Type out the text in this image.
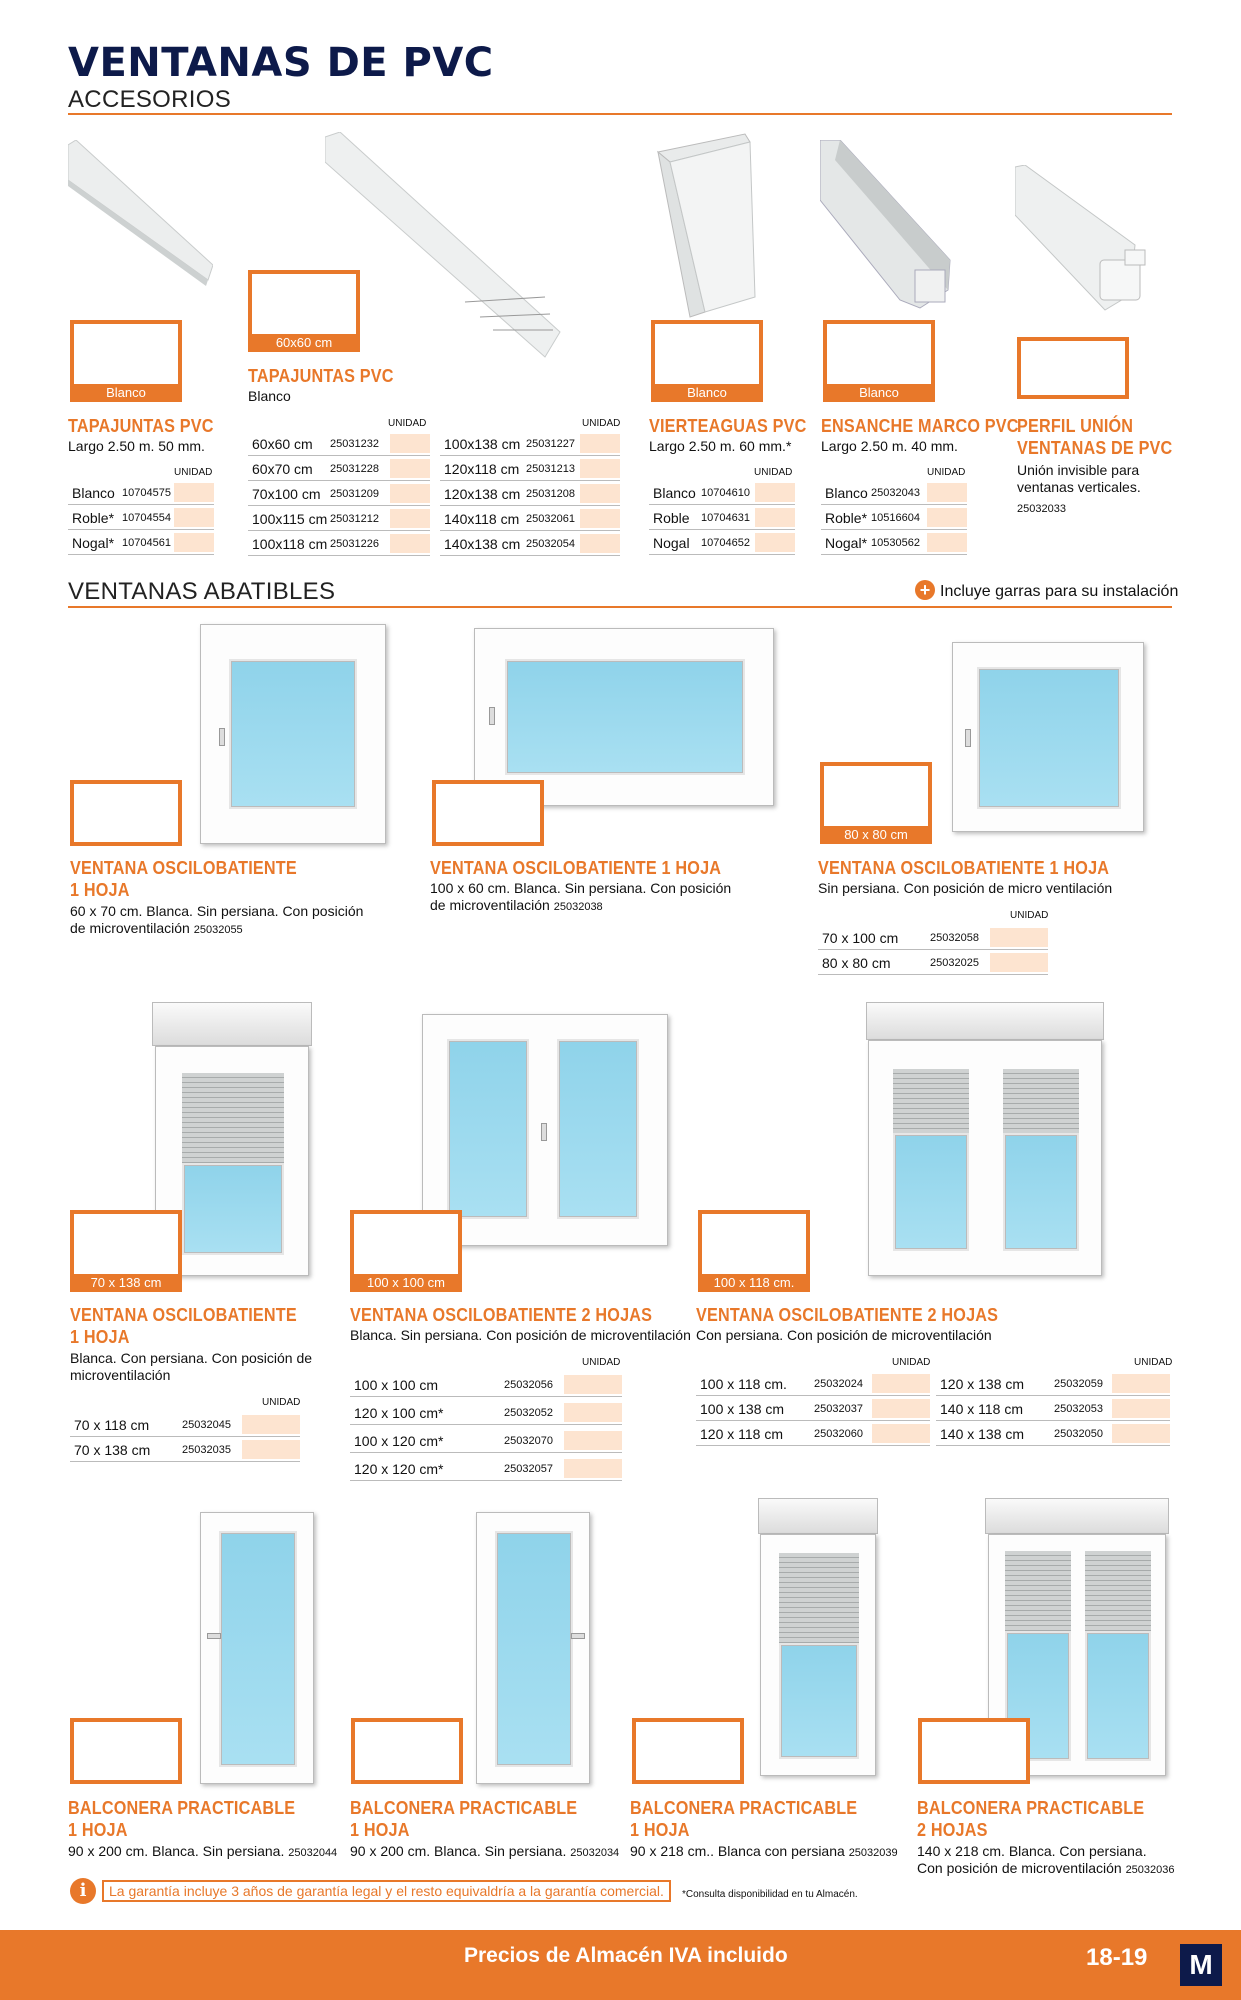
VENTANAS DE PVC
ACCESORIOS
Blanco
60x60 cm
Blanco	Blanco
TAPAJUNTAS PVC
Largo 2.50 m. 50 mm.
UNIDAD
Blanco 10704575
Roble* 10704554
Nogal* 10704561
TAPAJUNTAS PVC
Blanco
UNIDAD	UNIDAD
60x60 cm 25031232
60x70 cm 25031228
70x100 cm 25031209
100x115 cm 25031212
100x118 cm 25031226
100x138 cm 25031227
120x118 cm 25031213
120x138 cm 25031208
140x118 cm 25032061
140x138 cm 25032054
VIERTEAGUAS PVC
Largo 2.50 m. 60 mm.*
UNIDAD
Blanco 10704610
Roble 10704631
Nogal 10704652
ENSANCHE MARCO PVC
Largo 2.50 m. 40 mm.
UNIDAD
Blanco 25032043
Roble* 10516604
Nogal* 10530562
PERFIL UNIÓN
VENTANAS DE PVC
Unión invisible para
ventanas verticales.
25032033
VENTANAS ABATIBLES	+ Incluye garras para su instalación
VENTANA OSCILOBATIENTE
1 HOJA
60 x 70 cm. Blanca. Sin persiana. Con posición
de microventilación 25032055
VENTANA OSCILOBATIENTE 1 HOJA
100 x 60 cm. Blanca. Sin persiana. Con posición
de microventilación 25032038
80 x 80 cm
VENTANA OSCILOBATIENTE 1 HOJA
Sin persiana. Con posición de micro ventilación
UNIDAD
70 x 100 cm	25032058
80 x 80 cm	25032025
70 x 138 cm
VENTANA OSCILOBATIENTE
1 HOJA
Blanca. Con persiana. Con posición de
microventilación
UNIDAD
70 x 118 cm	25032045
70 x 138 cm	25032035
100 x 100 cm
VENTANA OSCILOBATIENTE 2 HOJAS
Blanca. Sin persiana. Con posición de microventilación
UNIDAD
100 x 100 cm	25032056
120 x 100 cm*	25032052
100 x 120 cm*	25032070
120 x 120 cm*	25032057
100 x 118 cm.
VENTANA OSCILOBATIENTE 2 HOJAS
Con persiana. Con posición de microventilación
UNIDAD	UNIDAD
100 x 118 cm. 25032024
100 x 138 cm	25032037
120 x 118 cm	25032060
120 x 138 cm	25032059
140 x 118 cm	25032053
140 x 138 cm	25032050
BALCONERA PRACTICABLE
1 HOJA
90 x 200 cm. Blanca. Sin persiana. 25032044
BALCONERA PRACTICABLE
1 HOJA
90 x 200 cm. Blanca. Sin persiana. 25032034
BALCONERA PRACTICABLE
1 HOJA
90 x 218 cm.. Blanca con persiana 25032039
BALCONERA PRACTICABLE
2 HOJAS
140 x 218 cm. Blanca. Con persiana.
Con posición de microventilación 25032036
i	La garantía incluye 3 años de garantía legal y el resto equivaldría a la garantía comercial.	*Consulta disponibilidad en tu Almacén.
Precios de Almacén IVA incluido	18-19	M
